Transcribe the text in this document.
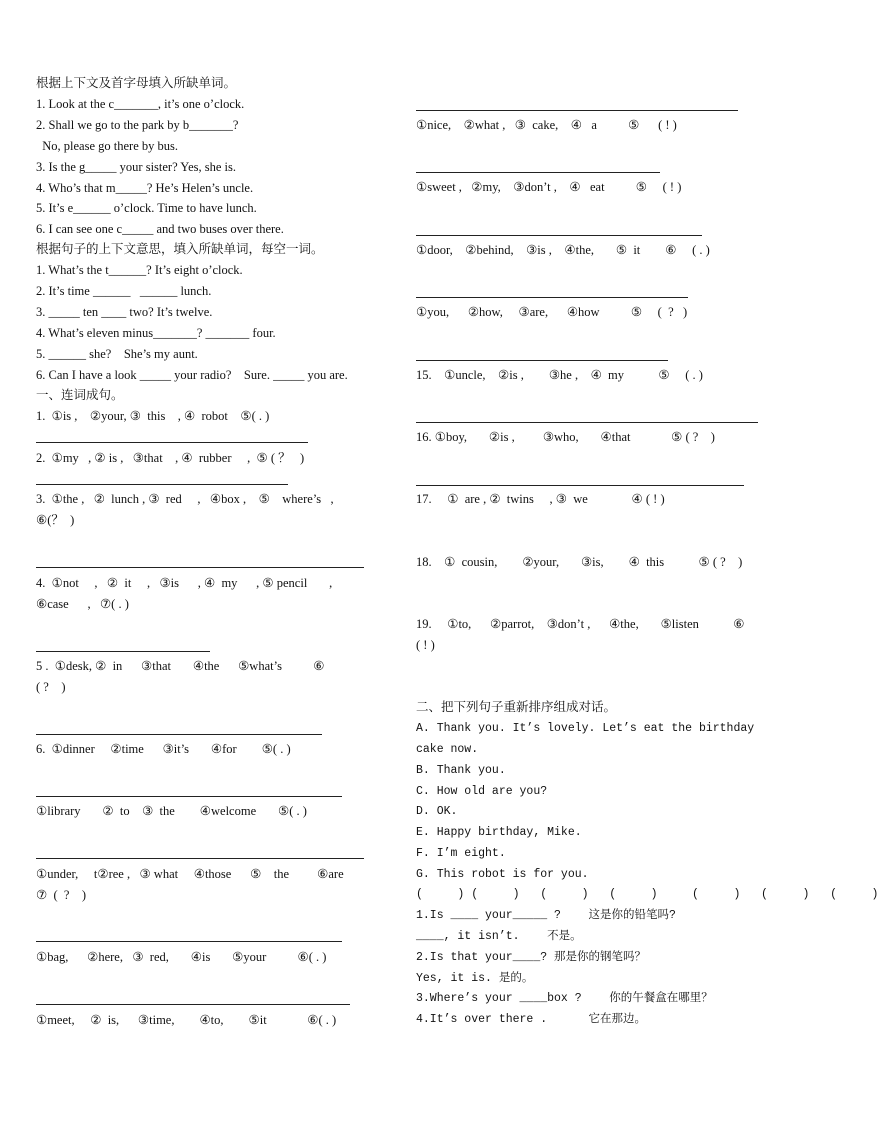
根据上下文及首字母填入所缺单词。
1. Look at the c_______, it’s one o’clock.
2. Shall we go to the park by b_______?
No, please go there by bus.
3. Is the g_____ your sister? Yes, she is.
4. Who’s that m_____? He’s Helen’s uncle.
5. It’s e______ o’clock. Time to have lunch.
6. I can see one c_____ and two buses over there.
根据句子的上下文意思，填入所缺单词，每空一词。
1. What’s the t______? It’s eight o’clock.
2. It’s time ______   ______ lunch.
3. _____ ten ____ two? It’s twelve.
4. What’s eleven minus_______? _______ four.
5. ______ she?    She’s my aunt.
6. Can I have a look _____ your radio?    Sure. _____ you are.
一、连词成句。
1.  ①is ,    ②your, ③  this    , ④  robot    ⑤( . )
2.  ①my   , ② is ,   ③that    , ④  rubber     ,  ⑤ ( ？   )
3.  ①the ,   ②  lunch , ③  red     ,   ④box ,    ⑤    where’s   ,
⑥(？  )
4.  ①not     ,   ②  it     ,   ③is      , ④  my      , ⑤ pencil       ,
⑥case      ,   ⑦( . )
5 .  ①desk, ②  in      ③that       ④the      ⑤what’s          ⑥
( ?    )
6.  ①dinner     ②time      ③it’s       ④for        ⑤( . )
①library       ②  to    ③  the        ④welcome       ⑤( . )
①under,     t②ree ,   ③ what     ④those      ⑤    the         ⑥are
⑦  (  ?    )
①bag,      ②here,   ③  red,       ④is       ⑤your          ⑥( . )
①meet,     ②  is,      ③time,        ④to,        ⑤it             ⑥( . )
①nice,    ②what ,   ③  cake,    ④   a          ⑤      ( ! )
①sweet ,   ②my,    ③don’t ,    ④   eat          ⑤     ( ! )
①door,    ②behind,    ③is ,    ④the,       ⑤  it        ⑥     ( . )
①you,      ②how,     ③are,      ④how          ⑤     (  ?   )
15.    ①uncle,    ②is ,        ③he ,    ④  my           ⑤     ( . )
16. ①boy,       ②is ,         ③who,       ④that             ⑤ ( ?    )
17.     ①  are , ②  twins     , ③  we              ④ ( ! )
18.    ①  cousin,        ②your,       ③is,        ④  this           ⑤ ( ?    )
19.     ①to,      ②parrot,    ③don’t ,      ④the,       ⑤listen           ⑥
( ! )
二、把下列句子重新排序组成对话。
A. Thank you. It’s lovely. Let’s eat the birthday
cake now.
B. Thank you.
C. How old are you?
D. OK.
E. Happy birthday, Mike.
F. I’m eight.
G. This robot is for you.
(     ) (     )   (     )   (     )     (     )   (     )   (     )
1.Is ____ your_____ ?    这是你的铅笔吗?
____, it isn’t.    不是。
2.Is that your____? 那是你的钢笔吗？
Yes, it is. 是的。
3.Where’s your ____box ?    你的午餐盒在哪里？
4.It’s over there .      它在那边。
